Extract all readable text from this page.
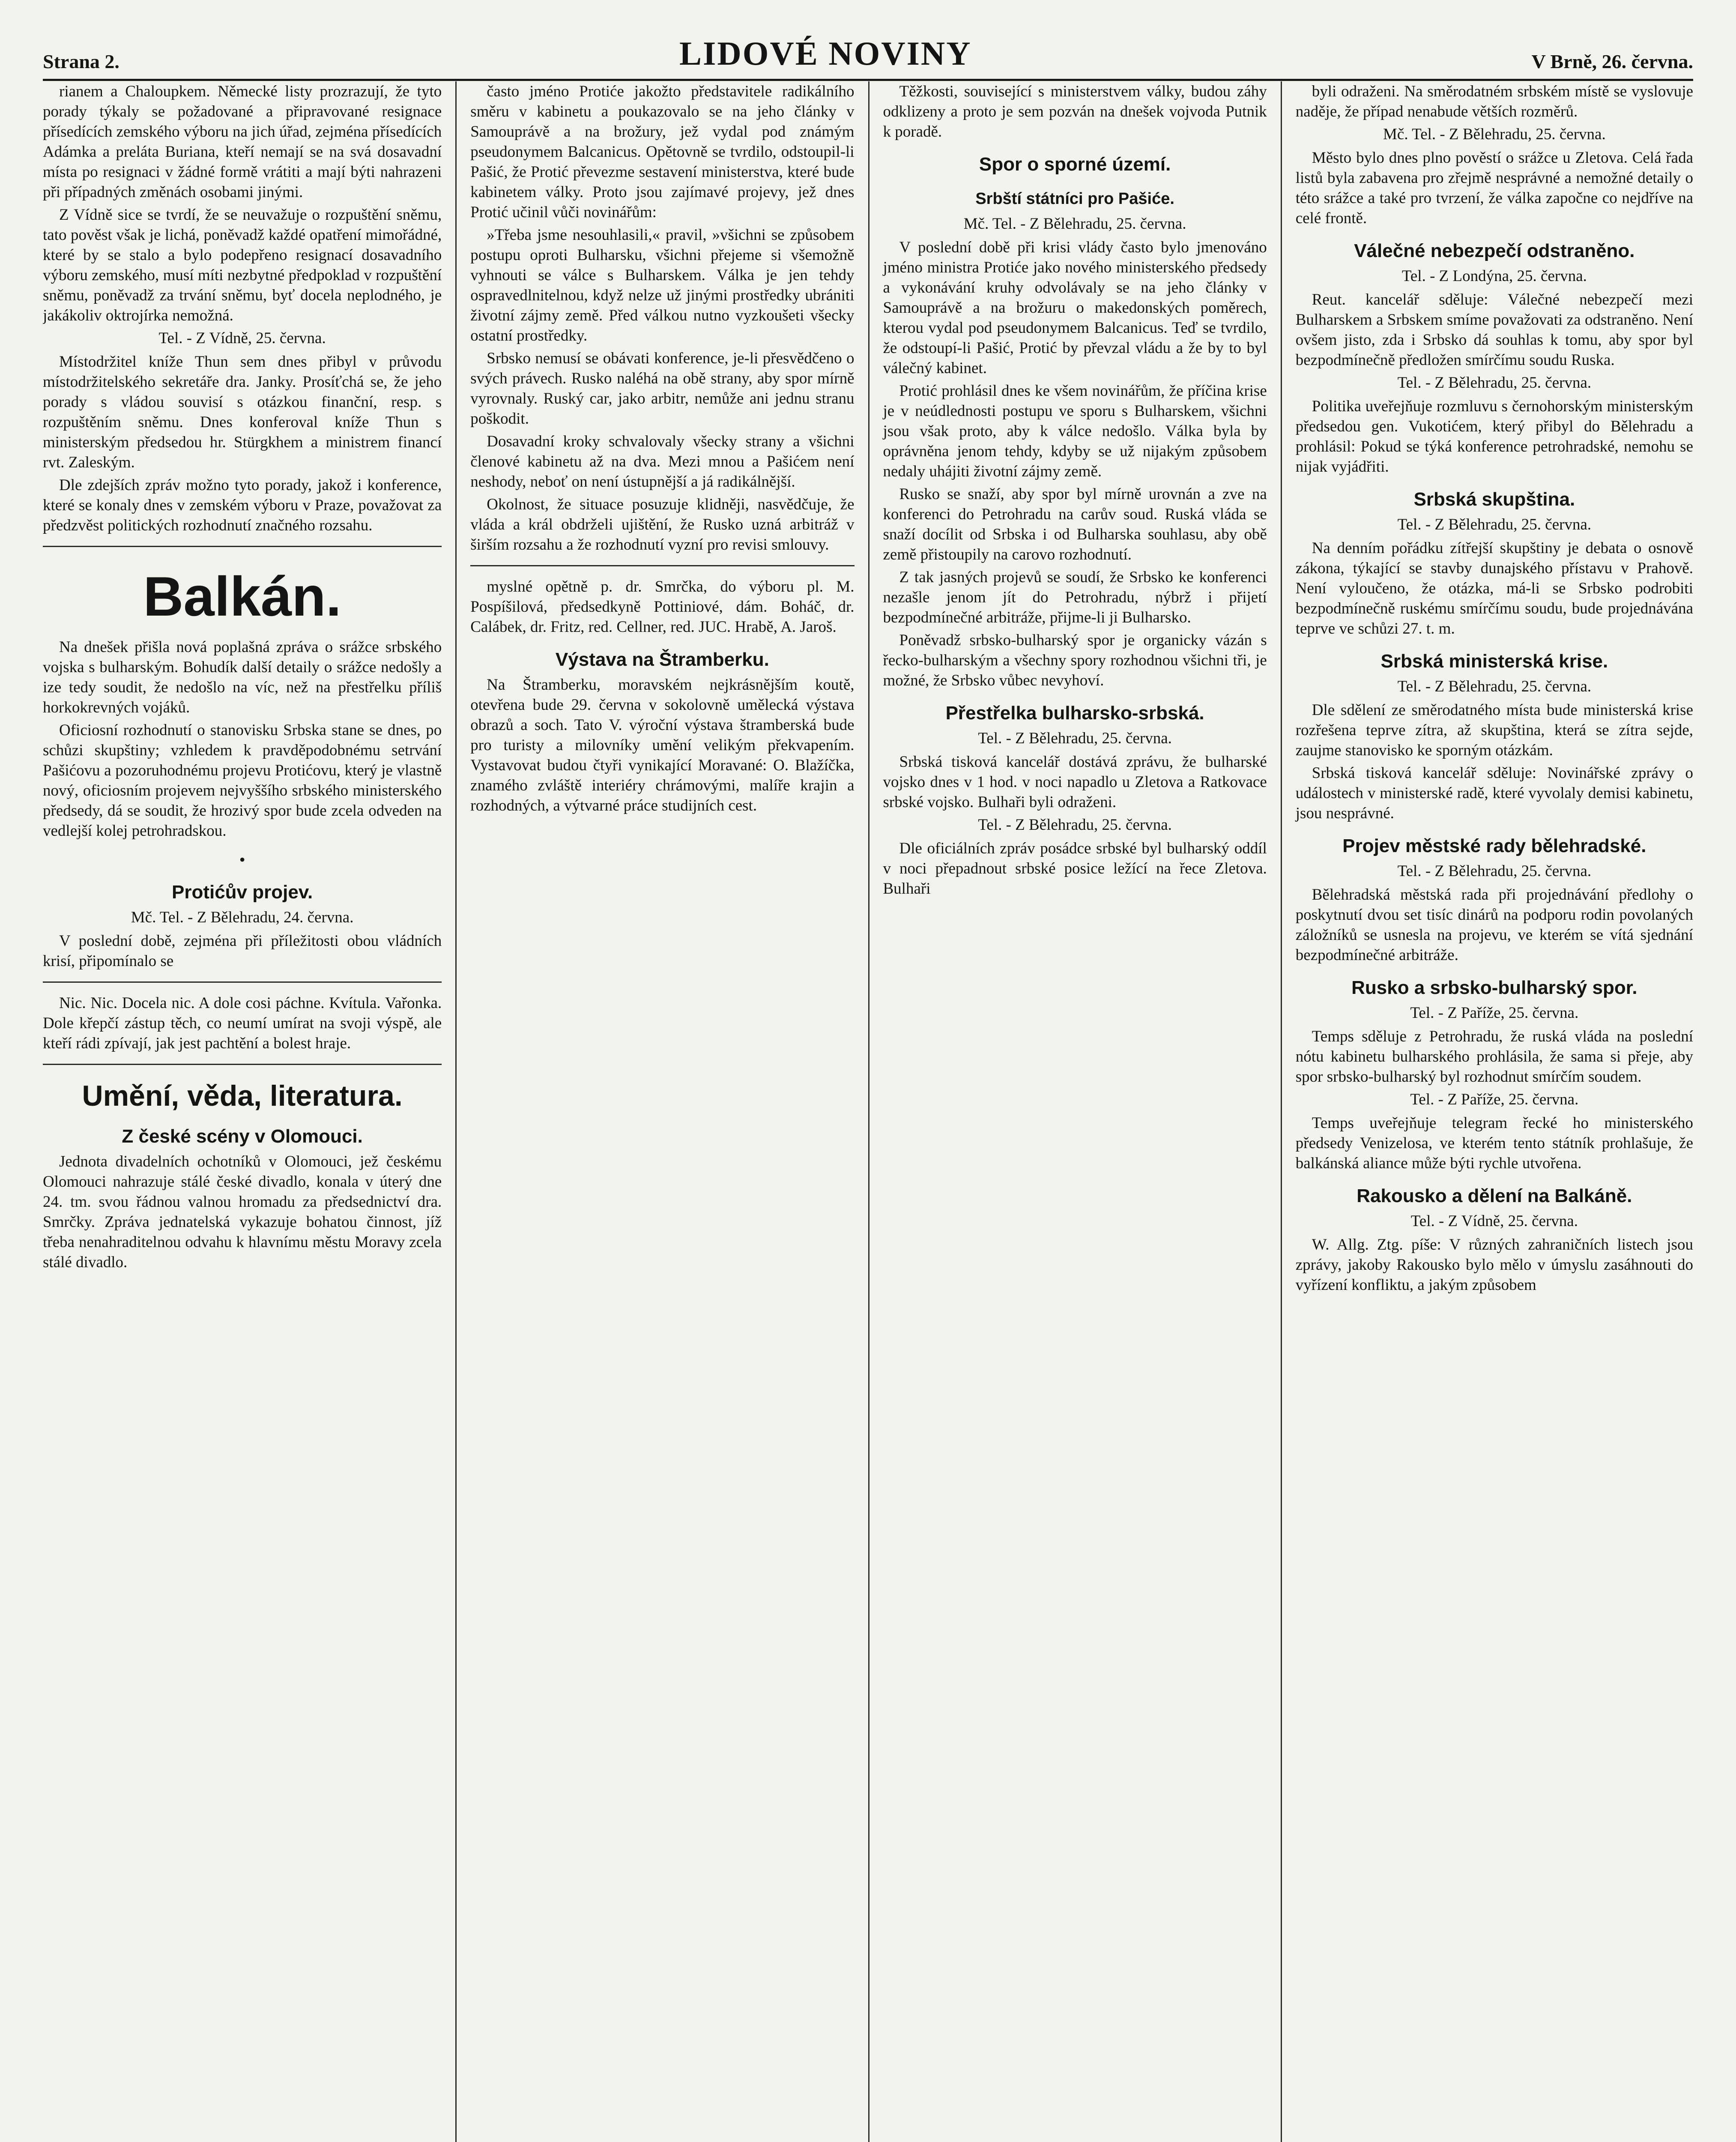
Strana 2.	LIDOVÉ NOVINY	V Brně, 26. června.

rianem a Chaloupkem. Německé listy prozrazují, že tyto porady týkaly se požadované a připravované resignace přísedících zemského výboru na jich úřad, zejména přísedících Adámka a preláta Buriana, kteří nemají se na svá dosavadní místa po resignaci v žádné formě vrátiti a mají býti nahrazeni při případných změnách osobami jinými.

Z Vídně sice se tvrdí, že se neuvažuje o rozpuštění sněmu, tato pověst však je lichá, poněvadž každé opatření mimořádné, které by se stalo a bylo podepřeno resignací dosavadního výboru zemského, musí míti nezbytné předpoklad v rozpuštění sněmu, poněvadž za trvání sněmu, byť docela neplodného, je jakákoliv oktrojírka nemožná.

Tel. - Z Vídně, 25. června.

Místodržitel kníže Thun sem dnes přibyl v průvodu místodržitelského sekretáře dra. Janky. Prosíťchá se, že jeho porady s vládou souvisí s otázkou finanční, resp. s rozpuštěním sněmu. Dnes konferoval kníže Thun s ministerským předsedou hr. Stürgkhem a ministrem financí rvt. Zaleským.

Dle zdejších zpráv možno tyto porady, jakož i konference, které se konaly dnes v zemském výboru v Praze, považovat za předzvěst politických rozhodnutí značného rozsahu.

Balkán.

Na dnešek přišla nová poplašná zpráva o srážce srbského vojska s bulharským. Bohudík další detaily o srážce nedošly a ize tedy soudit, že nedošlo na víc, než na přestřelku příliš horkokrevných vojáků.

Oficiosní rozhodnutí o stanovisku Srbska stane se dnes, po schůzi skupštiny; vzhledem k pravděpodobnému setrvání Pašićovu a pozoruhodnému projevu Protićovu, který je vlastně nový, oficiosním projevem nejvyššího srbského ministerského předsedy, dá se soudit, že hrozivý spor bude zcela odveden na vedlejší kolej petrohradskou.

•
Protićův projev.
Mč. Tel. - Z Bělehradu, 24. června.

V poslední době, zejména při příležitosti obou vládních krisí, připomínalo se

Nic. Nic. Docela nic. A dole cosi páchne. Kvítula. Vařonka. Dole křepčí zástup těch, co neumí umírat na svoji výspě, ale kteří rádi zpívají, jak jest pachtění a bolest hraje.

Umění, věda, literatura.
Z české scény v Olomouci.

Jednota divadelních ochotníků v Olomouci, jež českému Olomouci nahrazuje stálé české divadlo, konala v úterý dne 24. tm. svou řádnou valnou hromadu za předsednictví dra. Smrčky. Zpráva jednatelská vykazuje bohatou činnost, jíž třeba nenahraditelnou odvahu k hlavnímu městu Moravy zcela stálé divadlo.

často jméno Protiće jakožto představitele radikálního směru v kabinetu a poukazovalo se na jeho články v Samouprávě a na brožury, jež vydal pod známým pseudonymem Balcanicus. Opětovně se tvrdilo, odstoupil-li Pašić, že Protić převezme sestavení ministerstva, které bude kabinetem války. Proto jsou zajímavé projevy, jež dnes Protić učinil vůči novinářům:

»Třeba jsme nesouhlasili,« pravil, »všichni se způsobem postupu oproti Bulharsku, všichni přejeme si všemožně vyhnouti se válce s Bulharskem. Válka je jen tehdy ospravedlnitelnou, když nelze už jinými prostředky ubrániti životní zájmy země. Před válkou nutno vyzkoušeti všecky ostatní prostředky.

Srbsko nemusí se obávati konference, je-li přesvědčeno o svých právech. Rusko naléhá na obě strany, aby spor mírně vyrovnaly. Ruský car, jako arbitr, nemůže ani jednu stranu poškodit.

Dosavadní kroky schvalovaly všecky strany a všichni členové kabinetu až na dva. Mezi mnou a Pašićem není neshody, neboť on není ústupnější a já radikálnější.

Okolnost, že situace posuzuje klidněji, nasvědčuje, že vláda a král obdrželi ujištění, že Rusko uzná arbitráž v širším rozsahu a že rozhodnutí vyzní pro revisi smlouvy.

myslné opětně p. dr. Smrčka, do výboru pl. M. Pospíšilová, předsedkyně Pottiniové, dám. Boháč, dr. Calábek, dr. Fritz, red. Cellner, red. JUC. Hrabě, A. Jaroš.

Výstava na Štramberku.

Na Štramberku, moravském nejkrásnějším koutě, otevřena bude 29. června v sokolovně umělecká výstava obrazů a soch. Tato V. výroční výstava štramberská bude pro turisty a milovníky umění velikým překvapením. Vystavovat budou čtyři vynikající Moravané: O. Blažíčka, znamého zvláště interiéry chrámovými, malíře krajin a rozhodných, a výtvarné práce studijních cest.

Těžkosti, související s ministerstvem války, budou záhy odklizeny a proto je sem pozván na dnešek vojvoda Putnik k poradě.

Spor o sporné území.
Srbští státníci pro Pašiće.
Mč. Tel. - Z Bělehradu, 25. června.

V poslední době při krisi vlády často bylo jmenováno jméno ministra Protiće jako nového ministerského předsedy a vykonávání kruhy odvolávaly se na jeho články v Samouprávě a na brožuru o makedonských poměrech, kterou vydal pod pseudonymem Balcanicus. Teď se tvrdilo, že odstoupí-li Pašić, Protić by převzal vládu a že by to byl válečný kabinet.

Protić prohlásil dnes ke všem novinářům, že příčina krise je v neúdlednosti postupu ve sporu s Bulharskem, všichni jsou však proto, aby k válce nedošlo. Válka byla by oprávněna jenom tehdy, kdyby se už nijakým způsobem nedaly uhájiti životní zájmy země.

Rusko se snaží, aby spor byl mírně urovnán a zve na konferenci do Petrohradu na carův soud. Ruská vláda se snaží docílit od Srbska i od Bulharska souhlasu, aby obě země přistoupily na carovo rozhodnutí.

Z tak jasných projevů se soudí, že Srbsko ke konferenci nezašle jenom jít do Petrohradu, nýbrž i přijetí bezpodmínečné arbitráže, přijme-li ji Bulharsko.

Poněvadž srbsko-bulharský spor je organicky vázán s řecko-bulharským a všechny spory rozhodnou všichni tři, je možné, že Srbsko vůbec nevyhoví.

Přestřelka bulharsko-srbská.
Tel. - Z Bělehradu, 25. června.

Srbská tisková kancelář dostává zprávu, že bulharské vojsko dnes v 1 hod. v noci napadlo u Zletova a Ratkovace srbské vojsko. Bulhaři byli odraženi.

Tel. - Z Bělehradu, 25. června.

Dle oficiálních zpráv posádce srbské byl bulharský oddíl v noci přepadnout srbské posice ležící na řece Zletova. Bulhaři

byli odraženi. Na směrodatném srbském místě se vyslovuje naděje, že případ nenabude větších rozměrů.

Mč. Tel. - Z Bělehradu, 25. června.

Město bylo dnes plno pověstí o srážce u Zletova. Celá řada listů byla zabavena pro zřejmě nesprávné a nemožné detaily o této srážce a také pro tvrzení, že válka započne co nejdříve na celé frontě.

Válečné nebezpečí odstraněno.
Tel. - Z Londýna, 25. června.

Reut. kancelář sděluje: Válečné nebezpečí mezi Bulharskem a Srbskem smíme považovati za odstraněno. Není ovšem jisto, zda i Srbsko dá souhlas k tomu, aby spor byl bezpodmínečně předložen smírčímu soudu Ruska.

Tel. - Z Bělehradu, 25. června.

Politika uveřejňuje rozmluvu s černohorským ministerským předsedou gen. Vukotićem, který přibyl do Bělehradu a prohlásil: Pokud se týká konference petrohradské, nemohu se nijak vyjádřiti.

Srbská skupština.
Tel. - Z Bělehradu, 25. června.

Na denním pořádku zítřejší skupštiny je debata o osnově zákona, týkající se stavby dunajského přístavu v Prahově. Není vyloučeno, že otázka, má-li se Srbsko podrobiti bezpodmínečně ruskému smírčímu soudu, bude projednávána teprve ve schůzi 27. t. m.

Srbská ministerská krise.
Tel. - Z Bělehradu, 25. června.

Dle sdělení ze směrodatného místa bude ministerská krise rozřešena teprve zítra, až skupština, která se zítra sejde, zaujme stanovisko ke sporným otázkám.

Srbská tisková kancelář sděluje: Novinářské zprávy o událostech v ministerské radě, které vyvolaly demisi kabinetu, jsou nesprávné.

Projev městské rady bělehradské.
Tel. - Z Bělehradu, 25. června.

Bělehradská městská rada při projednávání předlohy o poskytnutí dvou set tisíc dinárů na podporu rodin povolaných záložníků se usnesla na projevu, ve kterém se vítá sjednání bezpodmínečné arbitráže.

Rusko a srbsko-bulharský spor.
Tel. - Z Paříže, 25. června.

Temps sděluje z Petrohradu, že ruská vláda na poslední nótu kabinetu bulharského prohlásila, že sama si přeje, aby spor srbsko-bulharský byl rozhodnut smírčím soudem.

Tel. - Z Paříže, 25. června.

Temps uveřejňuje telegram řecké ho ministerského předsedy Venizelosa, ve kterém tento státník prohlašuje, že balkánská aliance může býti rychle utvořena.

Rakousko a dělení na Balkáně.
Tel. - Z Vídně, 25. června.

W. Allg. Ztg. píše: V různých zahraničních listech jsou zprávy, jakoby Rakousko bylo mělo v úmyslu zasáhnouti do vyřízení konfliktu, a jakým způsobem
